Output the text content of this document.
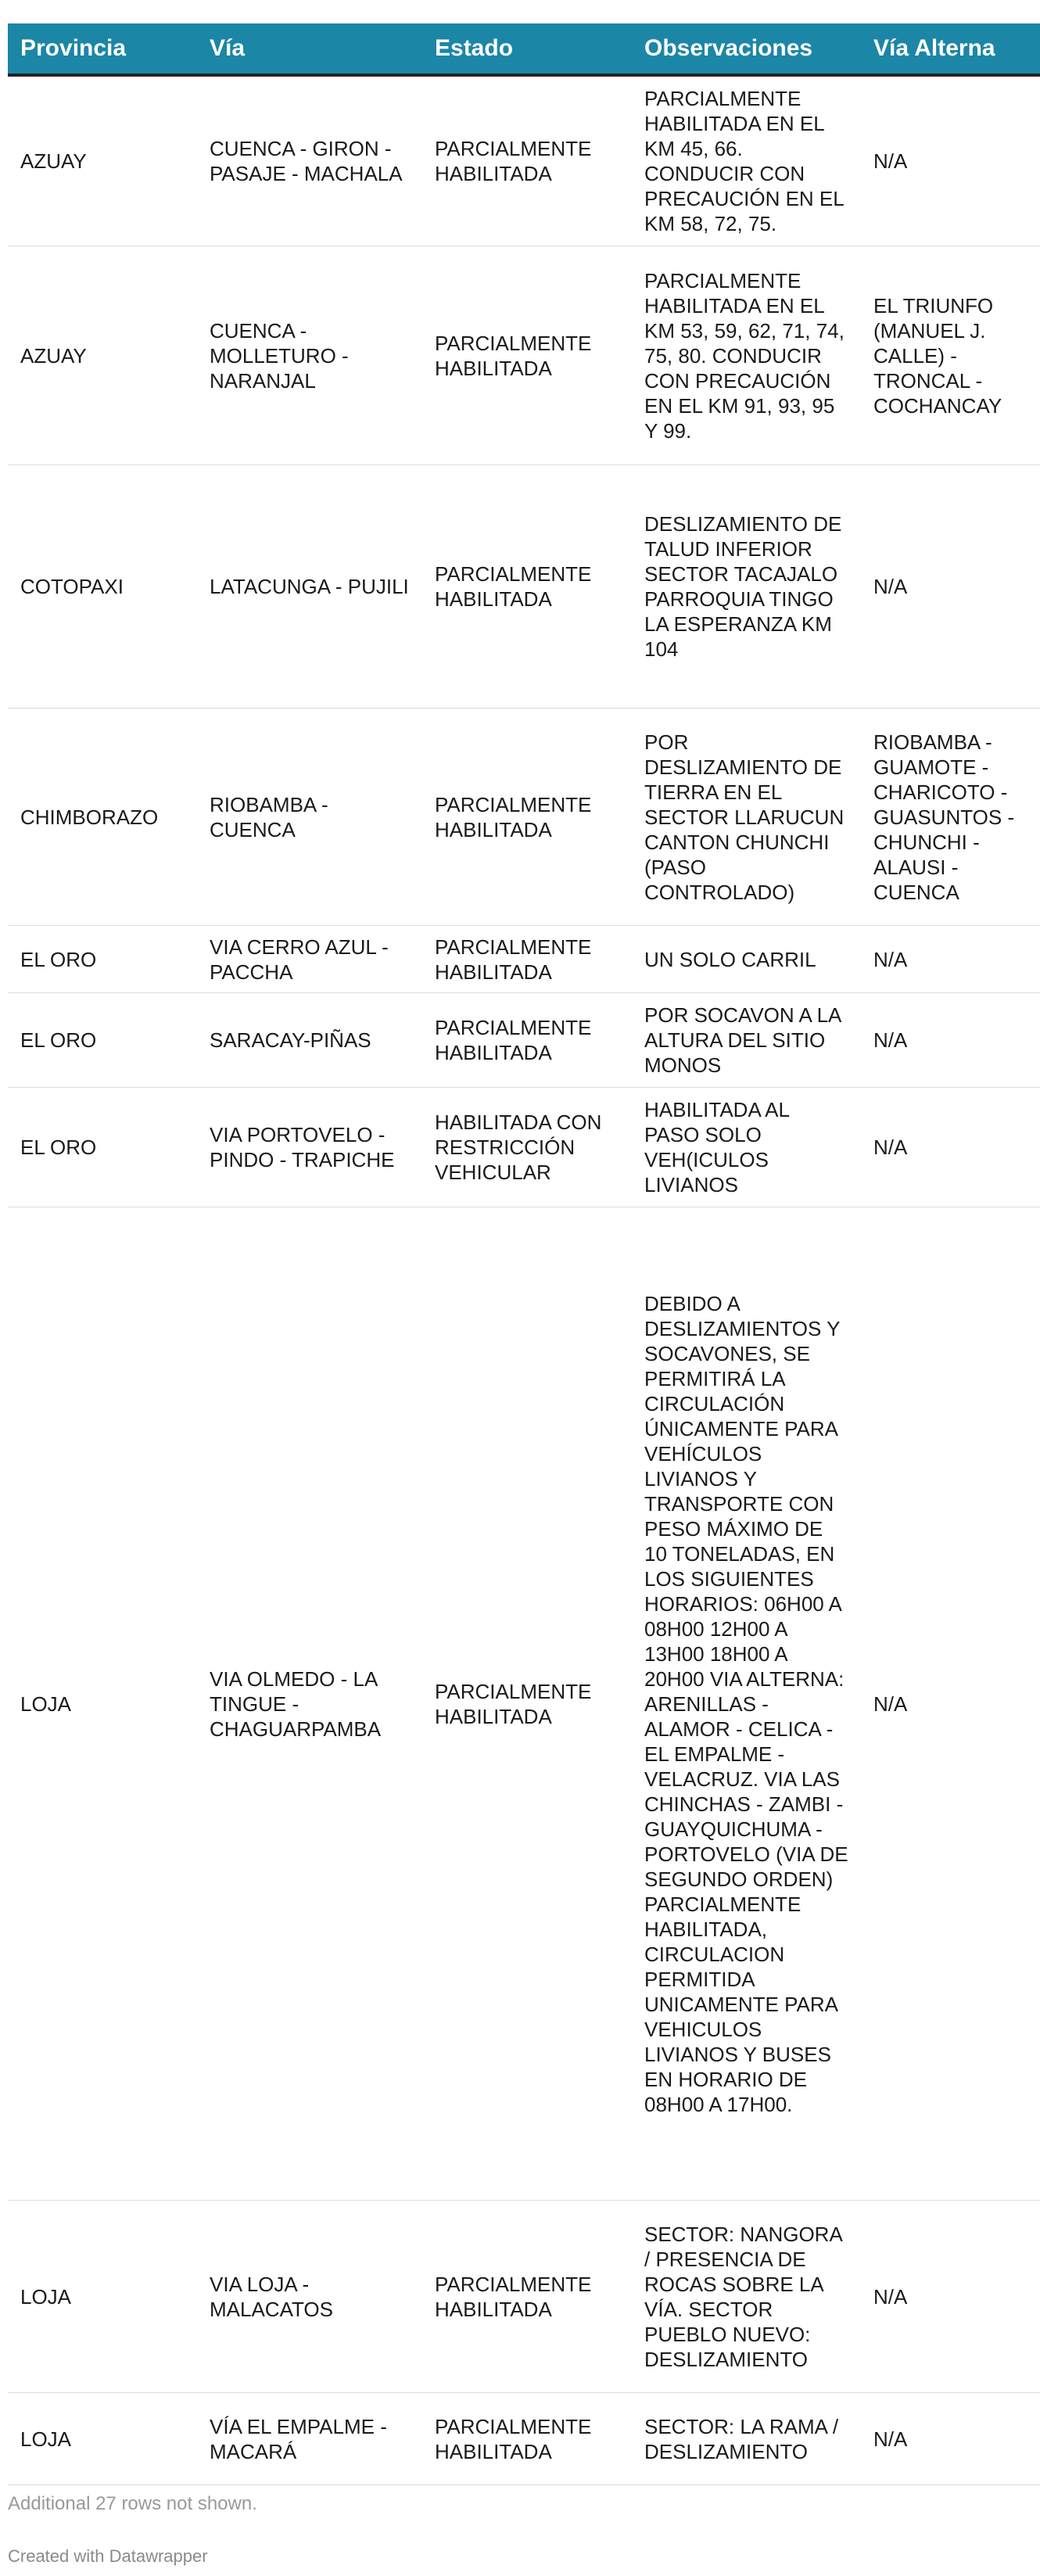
Provincia	Vía	Estado	Observaciones	Vía Alterna
AZUAY	CUENCA - GIRON -PASAJE - MACHALA	PARCIALMENTE HABILITADA	PARCIALMENTE HABILITADA EN EL KM 45, 66. CONDUCIR CON PRECAUCIÓN EN EL KM 58, 72, 75.	N/A
AZUAY	CUENCA - MOLLETURO - NARANJAL	PARCIALMENTE HABILITADA	PARCIALMENTE HABILITADA EN EL KM 53, 59, 62, 71, 74, 75, 80. CONDUCIR CON PRECAUCIÓN EN EL KM 91, 93, 95 Y 99.	EL TRIUNFO (MANUEL J. CALLE) - TRONCAL - COCHANCAY
COTOPAXI	LATACUNGA - PUJILI	PARCIALMENTE HABILITADA	DESLIZAMIENTO DE TALUD INFERIOR SECTOR TACAJALO PARROQUIA TINGO LA ESPERANZA KM 104	N/A
CHIMBORAZO	RIOBAMBA - CUENCA	PARCIALMENTE HABILITADA	POR DESLIZAMIENTO DE TIERRA EN EL SECTOR LLARUCUN CANTON CHUNCHI (PASO CONTROLADO)	RIOBAMBA - GUAMOTE - CHARICOTO - GUASUNTOS - CHUNCHI - ALAUSI - CUENCA
EL ORO	VIA CERRO AZUL - PACCHA	PARCIALMENTE HABILITADA	UN SOLO CARRIL	N/A
EL ORO	SARACAY-PIÑAS	PARCIALMENTE HABILITADA	POR SOCAVON A LA ALTURA DEL SITIO MONOS	N/A
EL ORO	VIA PORTOVELO - PINDO - TRAPICHE	HABILITADA CON RESTRICCIÓN VEHICULAR	HABILITADA AL PASO SOLO VEH(ICULOS LIVIANOS	N/A
LOJA	VIA OLMEDO - LA TINGUE - CHAGUARPAMBA	PARCIALMENTE HABILITADA	DEBIDO A DESLIZAMIENTOS Y SOCAVONES, SE PERMITIRÁ LA CIRCULACIÓN ÚNICAMENTE PARA VEHÍCULOS LIVIANOS Y TRANSPORTE CON PESO MÁXIMO DE 10 TONELADAS, EN LOS SIGUIENTES HORARIOS: 06H00 A 08H00 12H00 A 13H00 18H00 A 20H00 VIA ALTERNA: ARENILLAS - ALAMOR - CELICA - EL EMPALME - VELACRUZ. VIA LAS CHINCHAS - ZAMBI - GUAYQUICHUMA - PORTOVELO (VIA DE SEGUNDO ORDEN) PARCIALMENTE HABILITADA, CIRCULACION PERMITIDA UNICAMENTE PARA VEHICULOS LIVIANOS Y BUSES EN HORARIO DE 08H00 A 17H00.	N/A
LOJA	VIA LOJA - MALACATOS	PARCIALMENTE HABILITADA	SECTOR: NANGORA / PRESENCIA DE ROCAS SOBRE LA VÍA. SECTOR PUEBLO NUEVO: DESLIZAMIENTO	N/A
LOJA	VÍA EL EMPALME - MACARÁ	PARCIALMENTE HABILITADA	SECTOR: LA RAMA / DESLIZAMIENTO	N/A
Additional 27 rows not shown.
Created with Datawrapper
